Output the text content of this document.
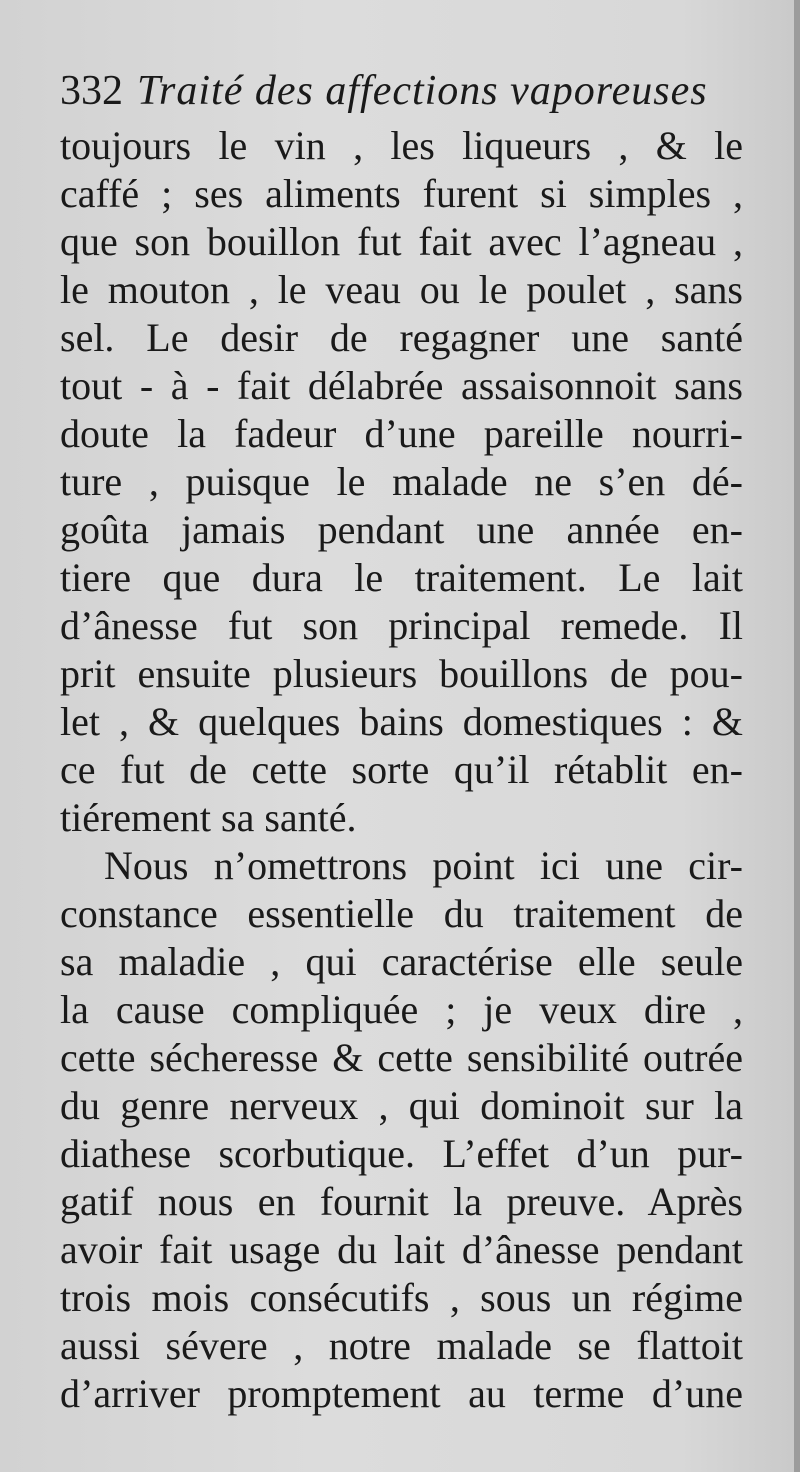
332 Traité des affections vaporeuses
toujours le vin , les liqueurs , & le
caffé ; ses aliments furent si simples ,
que son bouillon fut fait avec l’agneau ,
le mouton , le veau ou le poulet , sans
sel. Le desir de regagner une santé
tout - à - fait délabrée assaisonnoit sans
doute la fadeur d’une pareille nourri-
ture , puisque le malade ne s’en dé-
goûta jamais pendant une année en-
tiere que dura le traitement. Le lait
d’ânesse fut son principal remede. Il
prit ensuite plusieurs bouillons de pou-
let , & quelques bains domestiques : &
ce fut de cette sorte qu’il rétablit en-
tiérement sa santé.
Nous n’omettrons point ici une cir-
constance essentielle du traitement de
sa maladie , qui caractérise elle seule
la cause compliquée ; je veux dire ,
cette sécheresse & cette sensibilité outrée
du genre nerveux , qui dominoit sur la
diathese scorbutique. L’effet d’un pur-
gatif nous en fournit la preuve. Après
avoir fait usage du lait d’ânesse pendant
trois mois consécutifs , sous un régime
aussi sévere , notre malade se flattoit
d’arriver promptement au terme d’une
